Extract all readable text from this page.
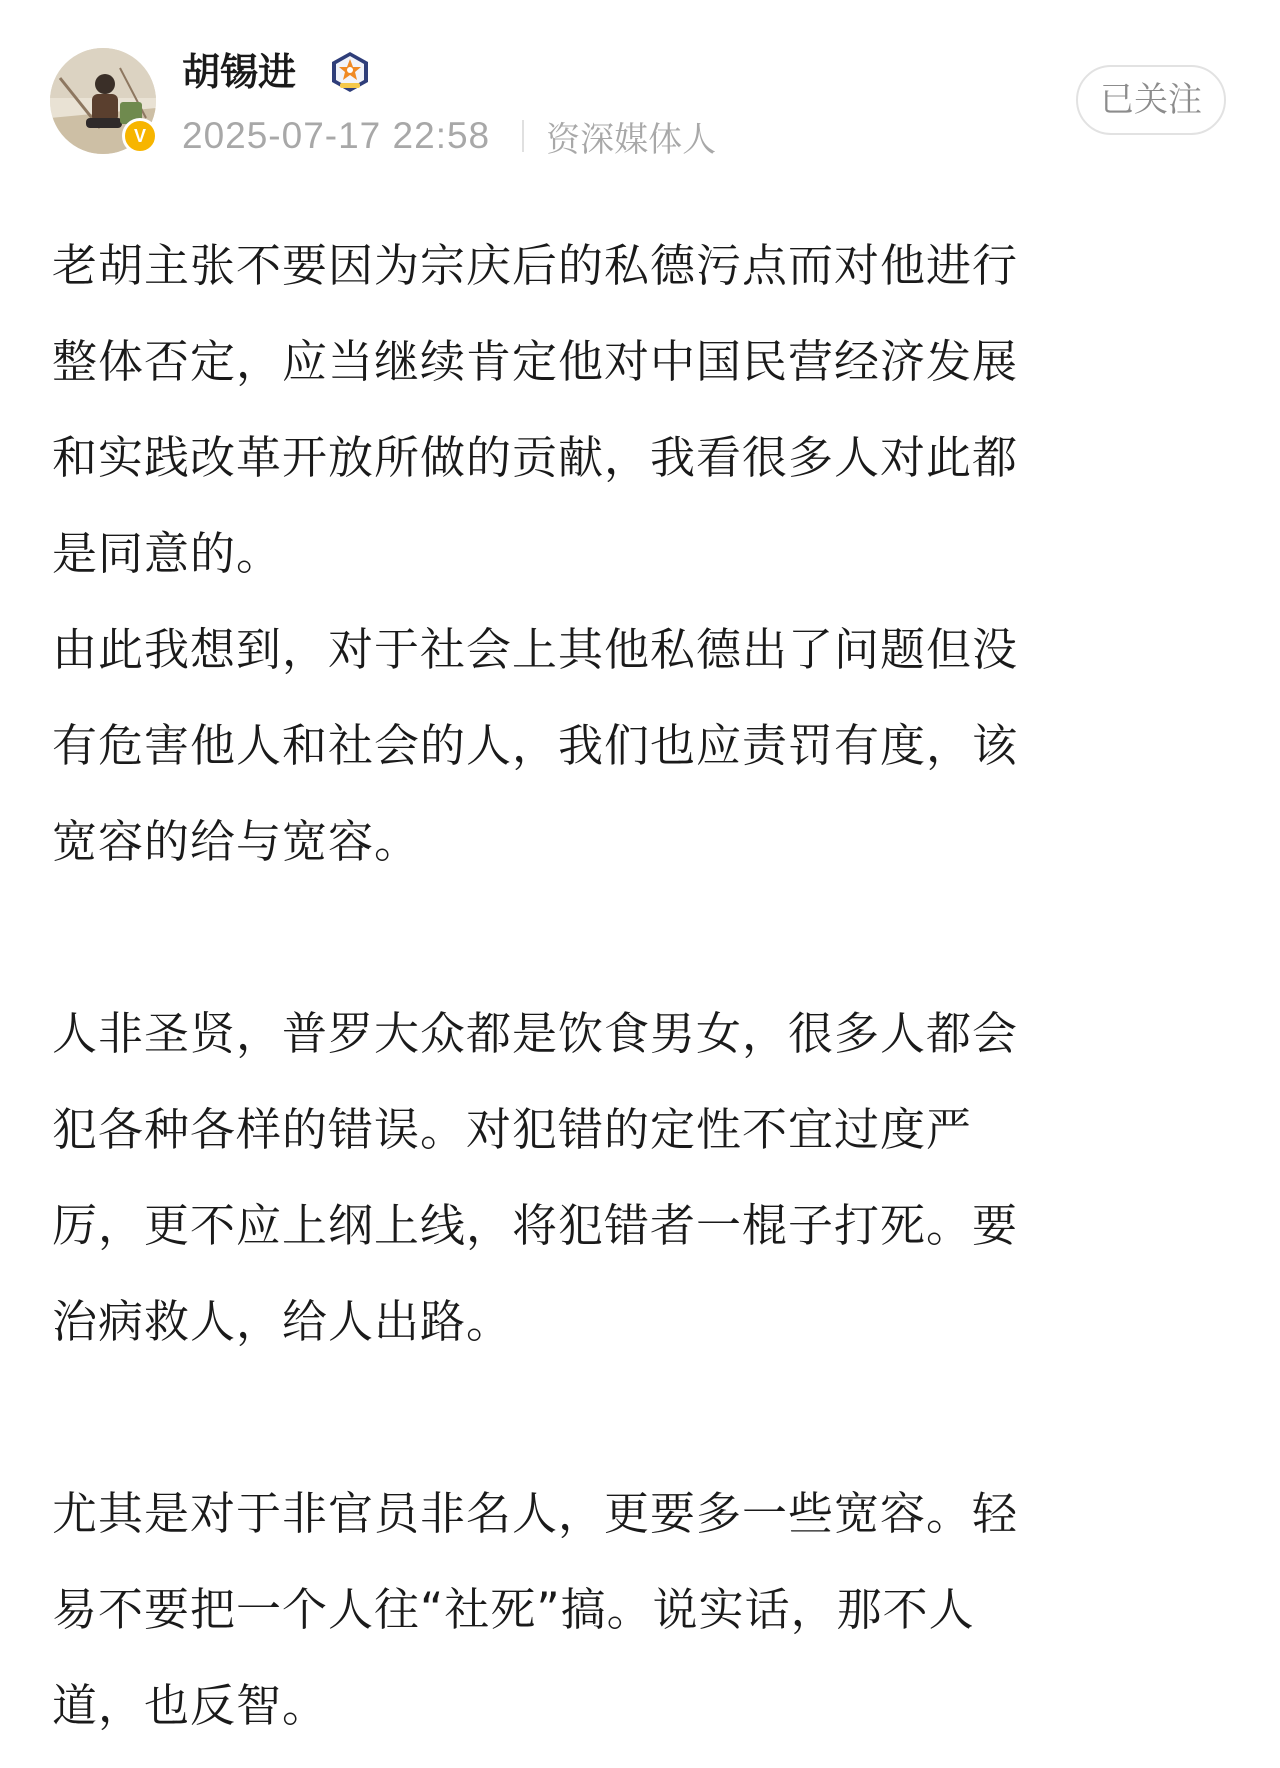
V
胡锡进
2025-07-17 22:58 资深媒体人
已关注
老胡主张不要因为宗庆后的私德污点而对他进行
整体否定，应当继续肯定他对中国民营经济发展
和实践改革开放所做的贡献，我看很多人对此都
是同意的。
由此我想到，对于社会上其他私德出了问题但没
有危害他人和社会的人，我们也应责罚有度，该
宽容的给与宽容。
人非圣贤，普罗大众都是饮食男女，很多人都会
犯各种各样的错误。对犯错的定性不宜过度严
厉，更不应上纲上线，将犯错者一棍子打死。要
治病救人，给人出路。
尤其是对于非官员非名人，更要多一些宽容。轻
易不要把一个人往“社死”搞。说实话，那不人
道，也反智。
